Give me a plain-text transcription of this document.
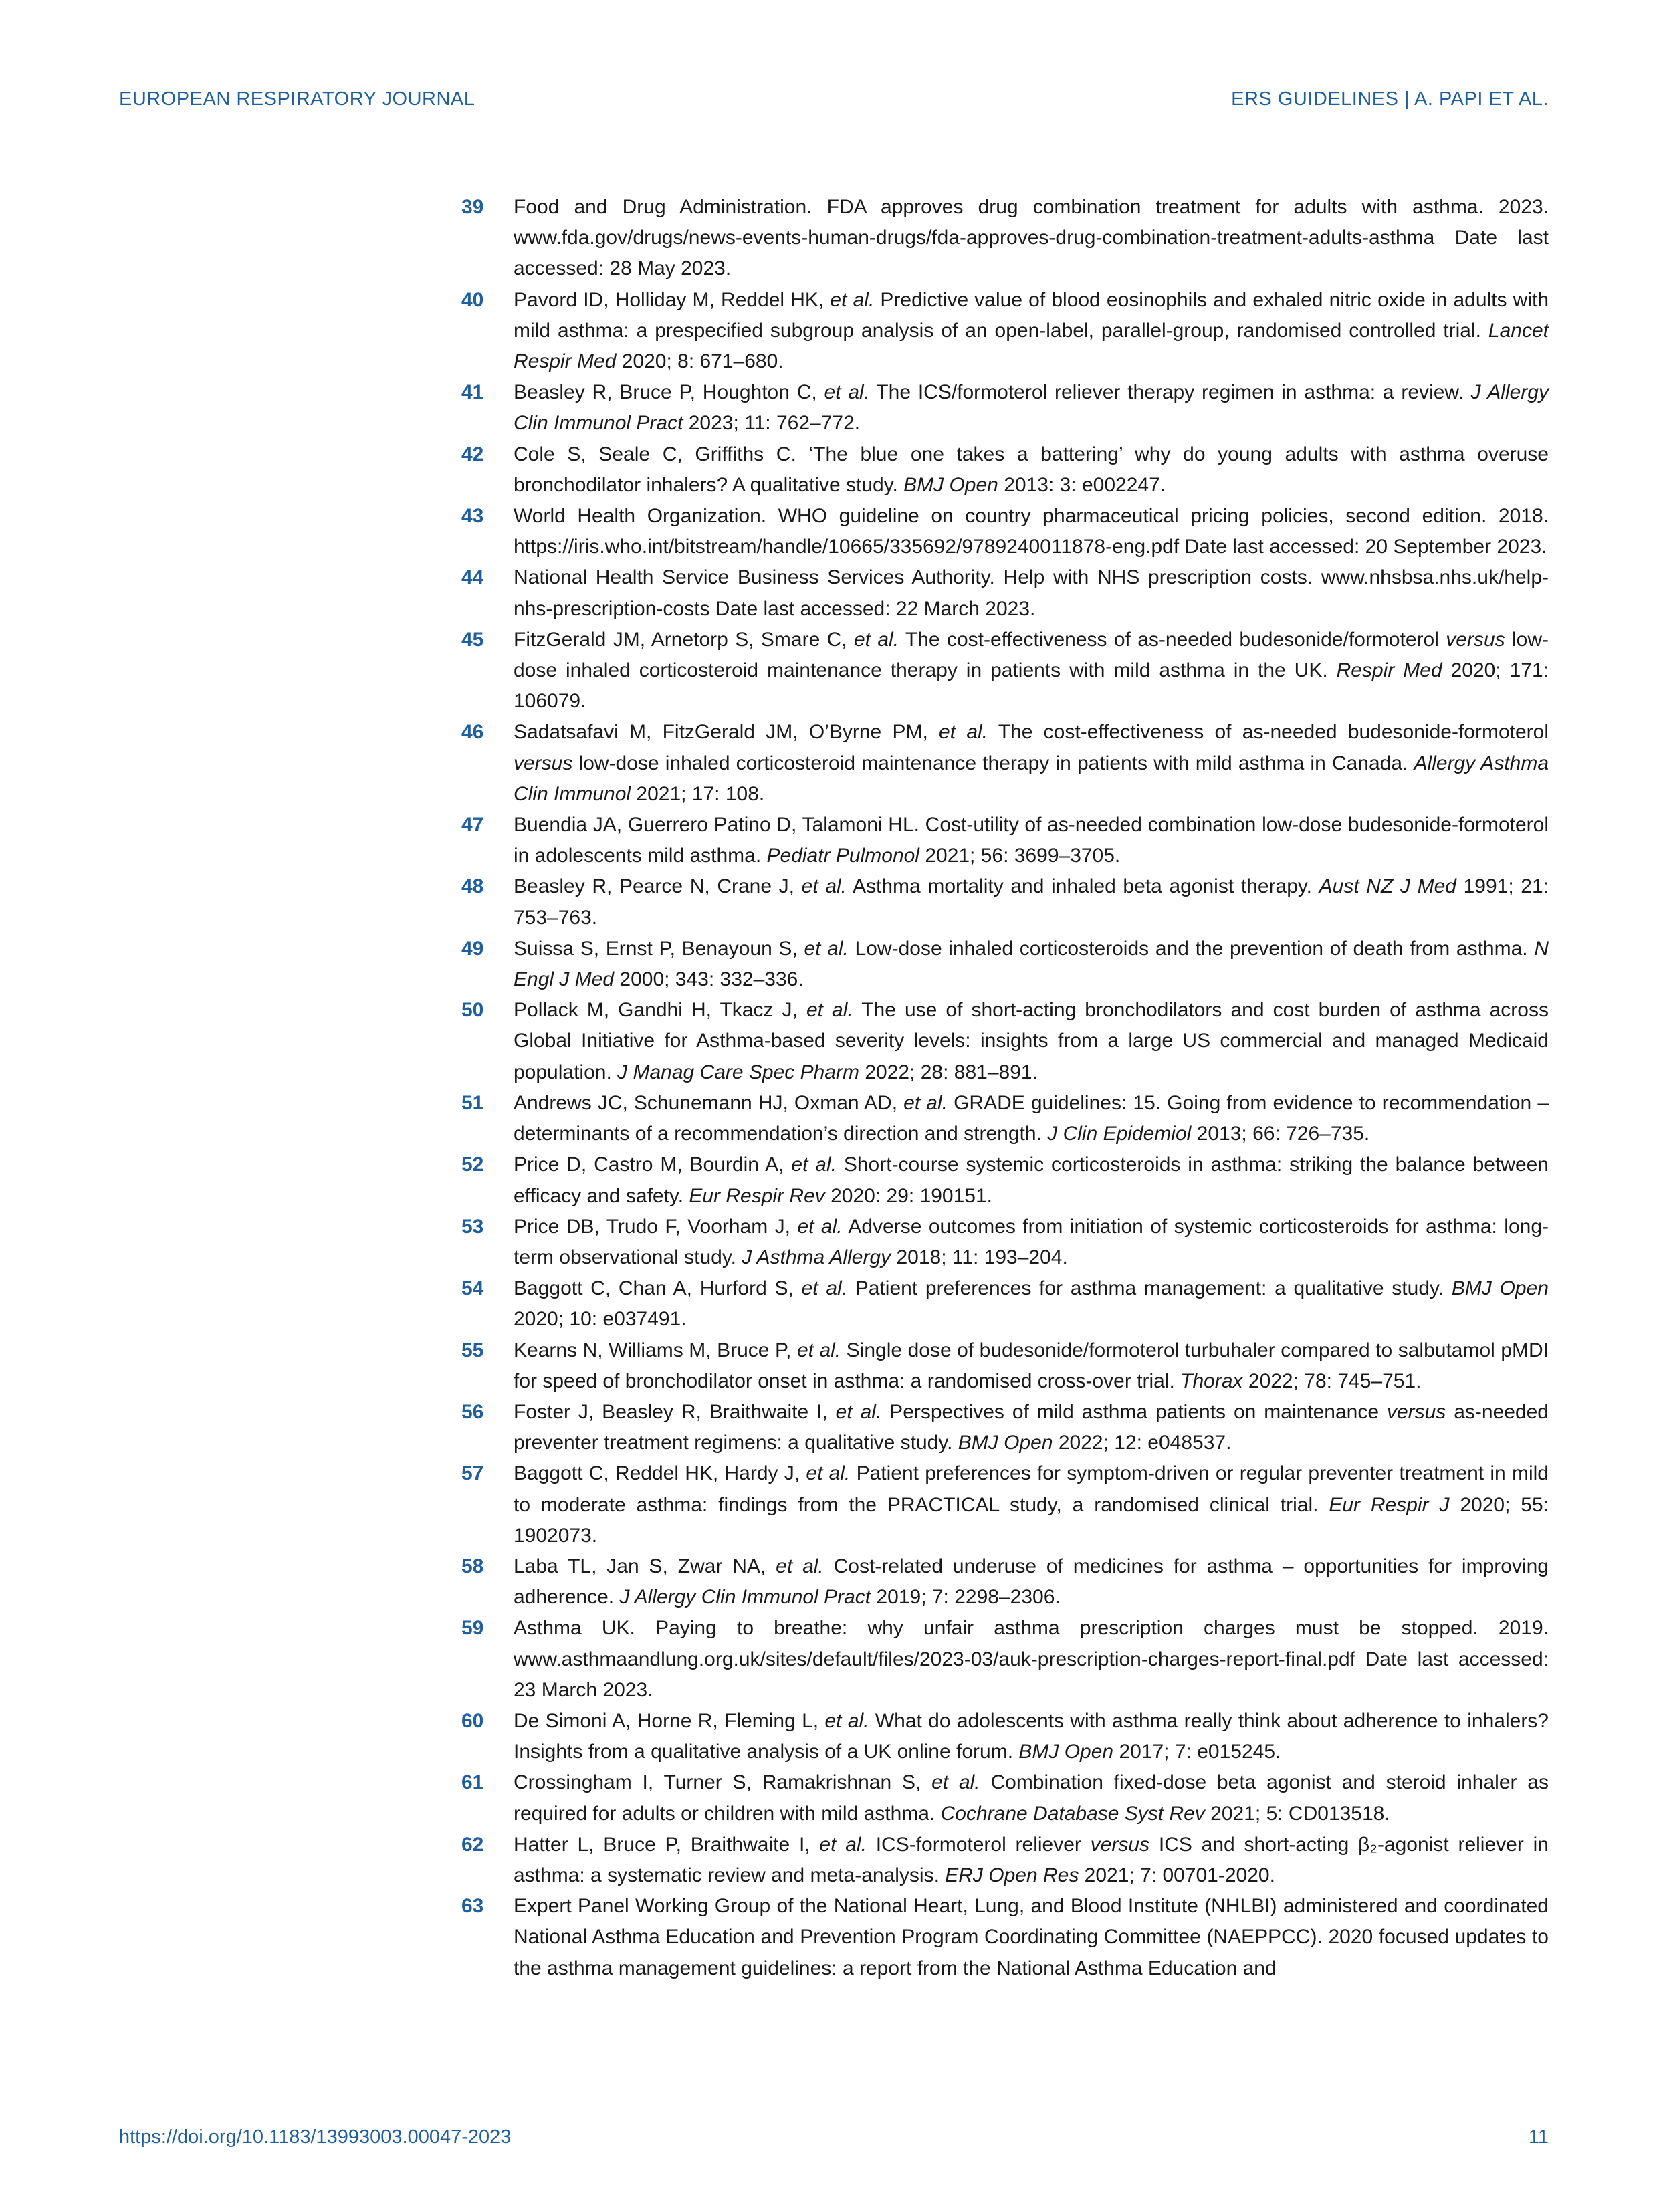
EUROPEAN RESPIRATORY JOURNAL	ERS GUIDELINES | A. PAPI ET AL.
39 Food and Drug Administration. FDA approves drug combination treatment for adults with asthma. 2023. www.fda.gov/drugs/news-events-human-drugs/fda-approves-drug-combination-treatment-adults-asthma Date last accessed: 28 May 2023.
40 Pavord ID, Holliday M, Reddel HK, et al. Predictive value of blood eosinophils and exhaled nitric oxide in adults with mild asthma: a prespecified subgroup analysis of an open-label, parallel-group, randomised controlled trial. Lancet Respir Med 2020; 8: 671–680.
41 Beasley R, Bruce P, Houghton C, et al. The ICS/formoterol reliever therapy regimen in asthma: a review. J Allergy Clin Immunol Pract 2023; 11: 762–772.
42 Cole S, Seale C, Griffiths C. ‘The blue one takes a battering’ why do young adults with asthma overuse bronchodilator inhalers? A qualitative study. BMJ Open 2013: 3: e002247.
43 World Health Organization. WHO guideline on country pharmaceutical pricing policies, second edition. 2018. https://iris.who.int/bitstream/handle/10665/335692/9789240011878-eng.pdf Date last accessed: 20 September 2023.
44 National Health Service Business Services Authority. Help with NHS prescription costs. www.nhsbsa.nhs.uk/help-nhs-prescription-costs Date last accessed: 22 March 2023.
45 FitzGerald JM, Arnetorp S, Smare C, et al. The cost-effectiveness of as-needed budesonide/formoterol versus low-dose inhaled corticosteroid maintenance therapy in patients with mild asthma in the UK. Respir Med 2020; 171: 106079.
46 Sadatsafavi M, FitzGerald JM, O’Byrne PM, et al. The cost-effectiveness of as-needed budesonide-formoterol versus low-dose inhaled corticosteroid maintenance therapy in patients with mild asthma in Canada. Allergy Asthma Clin Immunol 2021; 17: 108.
47 Buendia JA, Guerrero Patino D, Talamoni HL. Cost-utility of as-needed combination low-dose budesonide-formoterol in adolescents mild asthma. Pediatr Pulmonol 2021; 56: 3699–3705.
48 Beasley R, Pearce N, Crane J, et al. Asthma mortality and inhaled beta agonist therapy. Aust NZ J Med 1991; 21: 753–763.
49 Suissa S, Ernst P, Benayoun S, et al. Low-dose inhaled corticosteroids and the prevention of death from asthma. N Engl J Med 2000; 343: 332–336.
50 Pollack M, Gandhi H, Tkacz J, et al. The use of short-acting bronchodilators and cost burden of asthma across Global Initiative for Asthma-based severity levels: insights from a large US commercial and managed Medicaid population. J Manag Care Spec Pharm 2022; 28: 881–891.
51 Andrews JC, Schunemann HJ, Oxman AD, et al. GRADE guidelines: 15. Going from evidence to recommendation – determinants of a recommendation’s direction and strength. J Clin Epidemiol 2013; 66: 726–735.
52 Price D, Castro M, Bourdin A, et al. Short-course systemic corticosteroids in asthma: striking the balance between efficacy and safety. Eur Respir Rev 2020: 29: 190151.
53 Price DB, Trudo F, Voorham J, et al. Adverse outcomes from initiation of systemic corticosteroids for asthma: long-term observational study. J Asthma Allergy 2018; 11: 193–204.
54 Baggott C, Chan A, Hurford S, et al. Patient preferences for asthma management: a qualitative study. BMJ Open 2020; 10: e037491.
55 Kearns N, Williams M, Bruce P, et al. Single dose of budesonide/formoterol turbuhaler compared to salbutamol pMDI for speed of bronchodilator onset in asthma: a randomised cross-over trial. Thorax 2022; 78: 745–751.
56 Foster J, Beasley R, Braithwaite I, et al. Perspectives of mild asthma patients on maintenance versus as-needed preventer treatment regimens: a qualitative study. BMJ Open 2022; 12: e048537.
57 Baggott C, Reddel HK, Hardy J, et al. Patient preferences for symptom-driven or regular preventer treatment in mild to moderate asthma: findings from the PRACTICAL study, a randomised clinical trial. Eur Respir J 2020; 55: 1902073.
58 Laba TL, Jan S, Zwar NA, et al. Cost-related underuse of medicines for asthma – opportunities for improving adherence. J Allergy Clin Immunol Pract 2019; 7: 2298–2306.
59 Asthma UK. Paying to breathe: why unfair asthma prescription charges must be stopped. 2019. www.asthmaandlung.org.uk/sites/default/files/2023-03/auk-prescription-charges-report-final.pdf Date last accessed: 23 March 2023.
60 De Simoni A, Horne R, Fleming L, et al. What do adolescents with asthma really think about adherence to inhalers? Insights from a qualitative analysis of a UK online forum. BMJ Open 2017; 7: e015245.
61 Crossingham I, Turner S, Ramakrishnan S, et al. Combination fixed-dose beta agonist and steroid inhaler as required for adults or children with mild asthma. Cochrane Database Syst Rev 2021; 5: CD013518.
62 Hatter L, Bruce P, Braithwaite I, et al. ICS-formoterol reliever versus ICS and short-acting β₂-agonist reliever in asthma: a systematic review and meta-analysis. ERJ Open Res 2021; 7: 00701-2020.
63 Expert Panel Working Group of the National Heart, Lung, and Blood Institute (NHLBI) administered and coordinated National Asthma Education and Prevention Program Coordinating Committee (NAEPPCC). 2020 focused updates to the asthma management guidelines: a report from the National Asthma Education and
https://doi.org/10.1183/13993003.00047-2023	11
